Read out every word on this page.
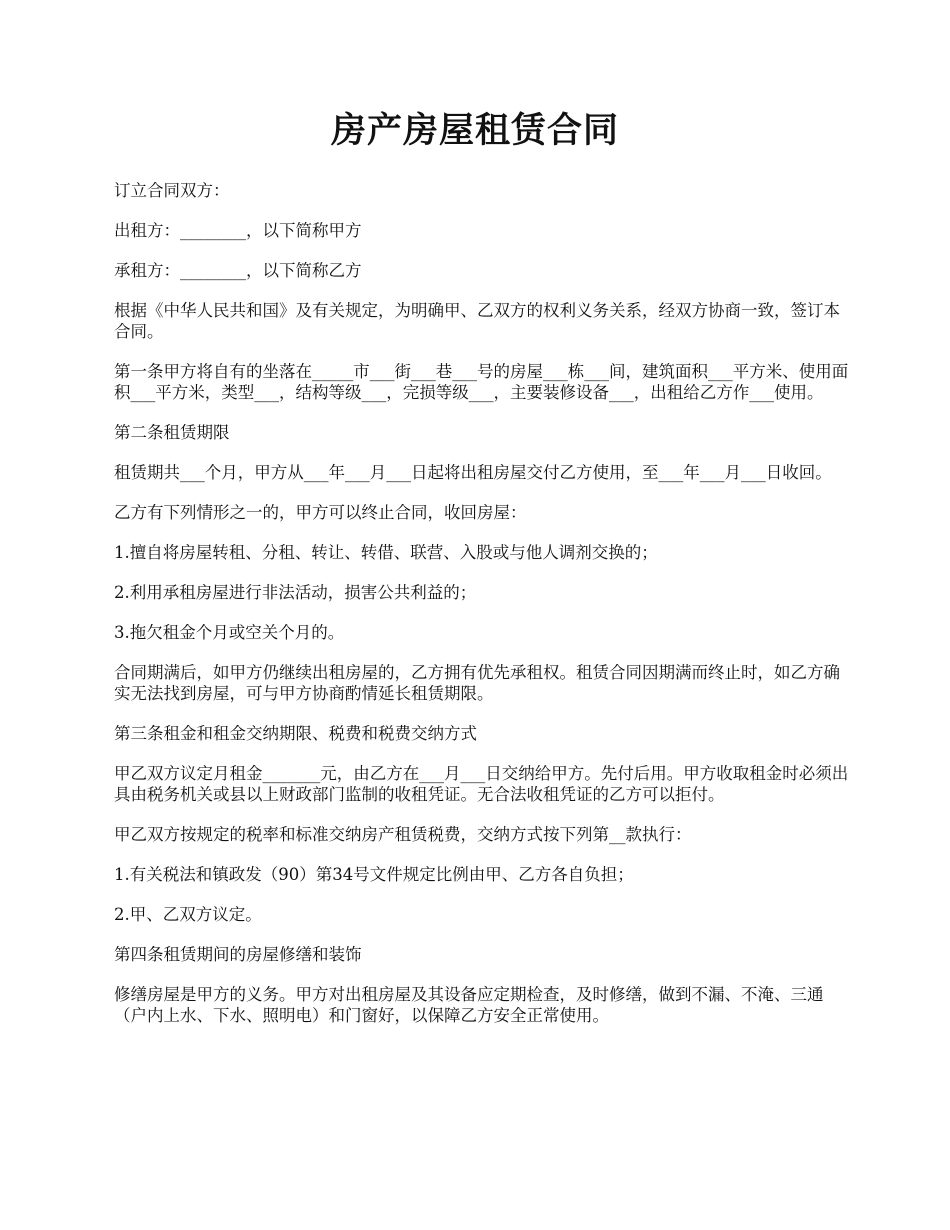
房产房屋租赁合同

订立合同双方：

出租方：________，以下简称甲方

承租方：________，以下简称乙方

根据《中华人民共和国》及有关规定，为明确甲、乙双方的权利义务关系，经双方协商一致，签订本合同。

第一条甲方将自有的坐落在_____市___街___巷___号的房屋___栋___间，建筑面积___平方米、使用面积___平方米，类型___，结构等级___，完损等级___，主要装修设备___，出租给乙方作___使用。

第二条租赁期限

租赁期共___个月，甲方从___年___月___日起将出租房屋交付乙方使用，至___年___月___日收回。

乙方有下列情形之一的，甲方可以终止合同，收回房屋：

1.擅自将房屋转租、分租、转让、转借、联营、入股或与他人调剂交换的；

2.利用承租房屋进行非法活动，损害公共利益的；

3.拖欠租金个月或空关个月的。

合同期满后，如甲方仍继续出租房屋的，乙方拥有优先承租权。租赁合同因期满而终止时，如乙方确实无法找到房屋，可与甲方协商酌情延长租赁期限。

第三条租金和租金交纳期限、税费和税费交纳方式

甲乙双方议定月租金_______元，由乙方在___月___日交纳给甲方。先付后用。甲方收取租金时必须出具由税务机关或县以上财政部门监制的收租凭证。无合法收租凭证的乙方可以拒付。

甲乙双方按规定的税率和标准交纳房产租赁税费，交纳方式按下列第__款执行：

1.有关税法和镇政发（90）第34号文件规定比例由甲、乙方各自负担；

2.甲、乙双方议定。

第四条租赁期间的房屋修缮和装饰

修缮房屋是甲方的义务。甲方对出租房屋及其设备应定期检查，及时修缮，做到不漏、不淹、三通（户内上水、下水、照明电）和门窗好，以保障乙方安全正常使用。
